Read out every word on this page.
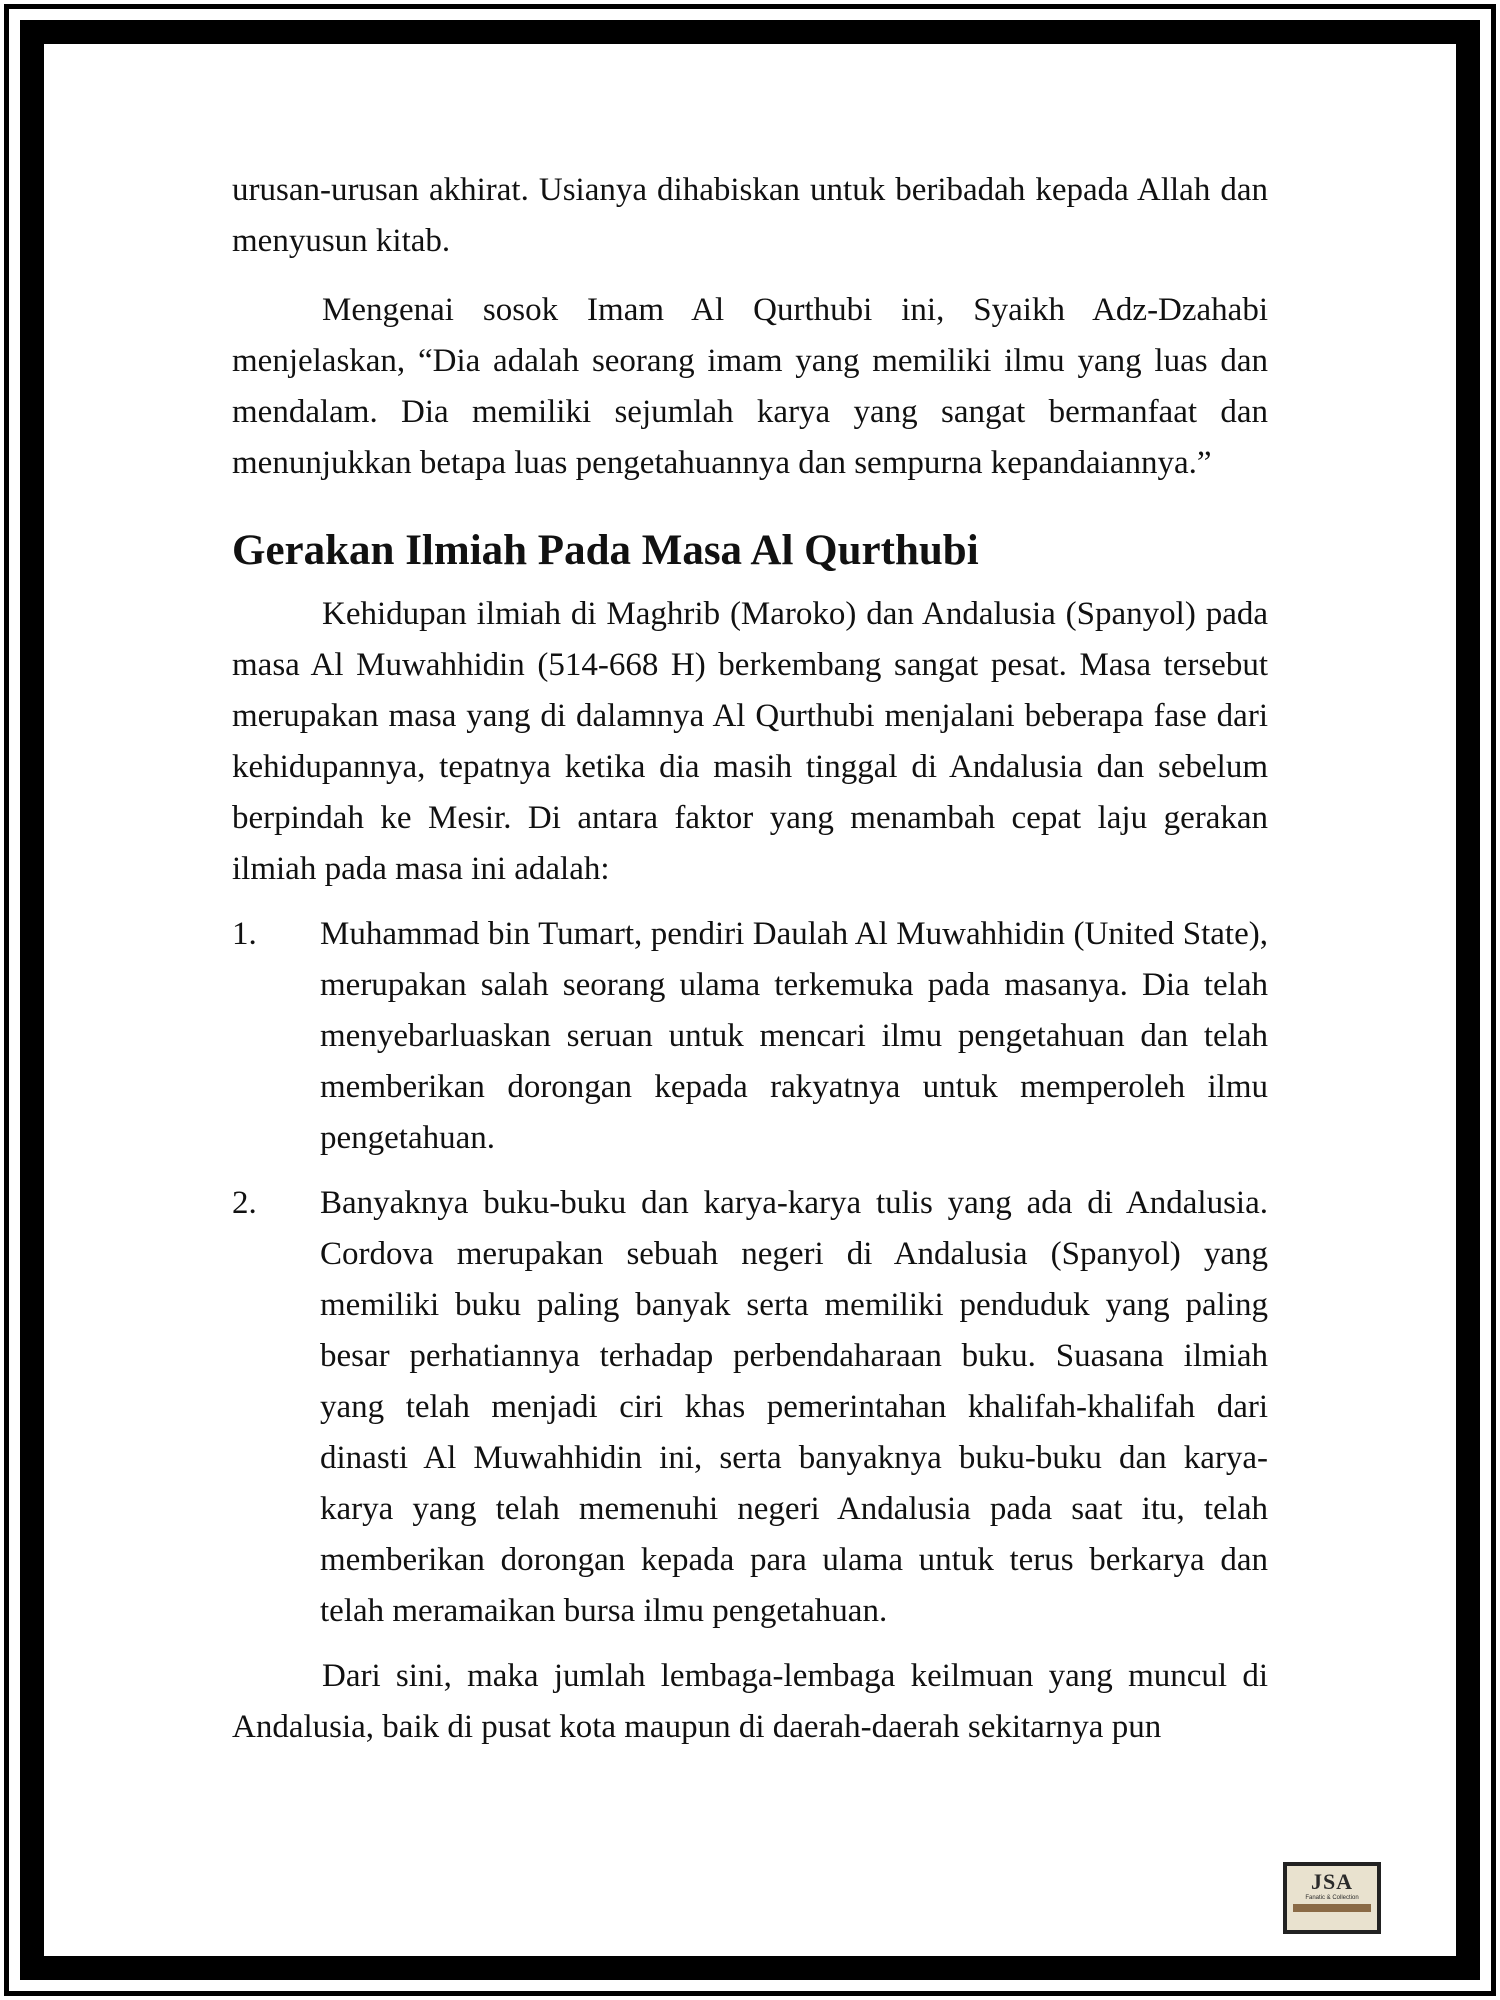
urusan-urusan akhirat. Usianya dihabiskan untuk beribadah kepada Allah dan menyusun kitab.

Mengenai sosok Imam Al Qurthubi ini, Syaikh Adz-Dzahabi menjelaskan, “Dia adalah seorang imam yang memiliki ilmu yang luas dan mendalam. Dia memiliki sejumlah karya yang sangat bermanfaat dan menunjukkan betapa luas pengetahuannya dan sempurna kepandaiannya.”

Gerakan Ilmiah Pada Masa Al Qurthubi

Kehidupan ilmiah di Maghrib (Maroko) dan Andalusia (Spanyol) pada masa Al Muwahhidin (514-668 H) berkembang sangat pesat. Masa tersebut merupakan masa yang di dalamnya Al Qurthubi menjalani beberapa fase dari kehidupannya, tepatnya ketika dia masih tinggal di Andalusia dan sebelum berpindah ke Mesir. Di antara faktor yang menambah cepat laju gerakan ilmiah pada masa ini adalah:

1.	Muhammad bin Tumart, pendiri Daulah Al Muwahhidin (United State), merupakan salah seorang ulama terkemuka pada masanya. Dia telah menyebarluaskan seruan untuk mencari ilmu pengetahuan dan telah memberikan dorongan kepada rakyatnya untuk memperoleh ilmu pengetahuan.

2.	Banyaknya buku-buku dan karya-karya tulis yang ada di Andalusia. Cordova merupakan sebuah negeri di Andalusia (Spanyol) yang memiliki buku paling banyak serta memiliki penduduk yang paling besar perhatiannya terhadap perbendaharaan buku. Suasana ilmiah yang telah menjadi ciri khas pemerintahan khalifah-khalifah dari dinasti Al Muwahhidin ini, serta banyaknya buku-buku dan karya-karya yang telah memenuhi negeri Andalusia pada saat itu, telah memberikan dorongan kepada para ulama untuk terus berkarya dan telah meramaikan bursa ilmu pengetahuan.

Dari sini, maka jumlah lembaga-lembaga keilmuan yang muncul di Andalusia, baik di pusat kota maupun di daerah-daerah sekitarnya pun

JSA
Fanatic & Collection
